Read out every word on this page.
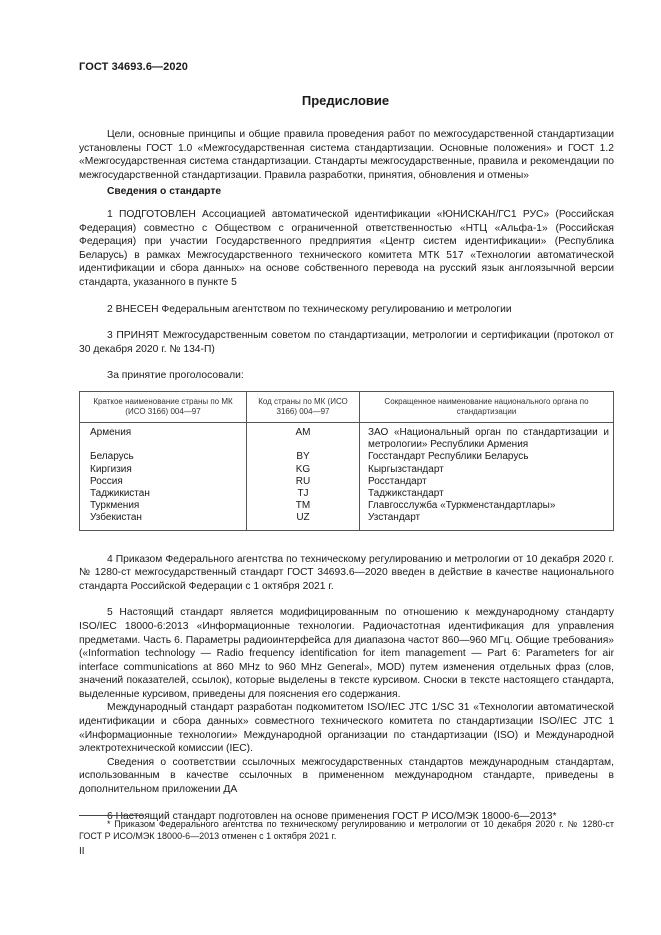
ГОСТ 34693.6—2020
Предисловие

Цели, основные принципы и общие правила проведения работ по межгосударственной стандартизации установлены ГОСТ 1.0 «Межгосударственная система стандартизации. Основные положения» и ГОСТ 1.2 «Межгосударственная система стандартизации. Стандарты межгосударственные, правила и рекомендации по межгосударственной стандартизации. Правила разработки, принятия, обновления и отмены»

Сведения о стандарте

1 ПОДГОТОВЛЕН Ассоциацией автоматической идентификации «ЮНИСКАН/ГС1 РУС» (Российская Федерация) совместно с Обществом с ограниченной ответственностью «НТЦ «Альфа-1» (Российская Федерация) при участии Государственного предприятия «Центр систем идентификации» (Республика Беларусь) в рамках Межгосударственного технического комитета МТК 517 «Технологии автоматической идентификации и сбора данных» на основе собственного перевода на русский язык англоязычной версии стандарта, указанного в пункте 5

2 ВНЕСЕН Федеральным агентством по техническому регулированию и метрологии

3 ПРИНЯТ Межгосударственным советом по стандартизации, метрологии и сертификации (протокол от 30 декабря 2020 г. № 134-П)

За принятие проголосовали:

Краткое наименование страны по МК (ИСО 3166) 004—97	Код страны по МК (ИСО 3166) 004—97	Сокращенное наименование национального органа по стандартизации
Армения	AM	ЗАО «Национальный орган по стандартизации и метрологии» Республики Армения
Беларусь	BY	Госстандарт Республики Беларусь
Киргизия	KG	Кыргызстандарт
Россия	RU	Росстандарт
Таджикистан	TJ	Таджикстандарт
Туркмения	TM	Главгосслужба «Туркменстандартлары»
Узбекистан	UZ	Узстандарт

4 Приказом Федерального агентства по техническому регулированию и метрологии от 10 декабря 2020 г. № 1280-ст межгосударственный стандарт ГОСТ 34693.6—2020 введен в действие в качестве национального стандарта Российской Федерации с 1 октября 2021 г.

5 Настоящий стандарт является модифицированным по отношению к международному стандарту ISO/IEC 18000-6:2013 «Информационные технологии. Радиочастотная идентификация для управления предметами. Часть 6. Параметры радиоинтерфейса для диапазона частот 860—960 МГц. Общие требования» («Information technology — Radio frequency identification for item management — Part 6: Parameters for air interface communications at 860 MHz to 960 MHz General», MOD) путем изменения отдельных фраз (слов, значений показателей, ссылок), которые выделены в тексте курсивом. Сноски в тексте настоящего стандарта, выделенные курсивом, приведены для пояснения его содержания.

Международный стандарт разработан подкомитетом ISO/IEC JTC 1/SC 31 «Технологии автоматической идентификации и сбора данных» совместного технического комитета по стандартизации ISO/IEC JTC 1 «Информационные технологии» Международной организации по стандартизации (ISO) и Международной электротехнической комиссии (IEC).

Сведения о соответствии ссылочных межгосударственных стандартов международным стандартам, использованным в качестве ссылочных в примененном международном стандарте, приведены в дополнительном приложении ДА

6 Настоящий стандарт подготовлен на основе применения ГОСТ Р ИСО/МЭК 18000-6—2013*

* Приказом Федерального агентства по техническому регулированию и метрологии от 10 декабря 2020 г. № 1280-ст ГОСТ Р ИСО/МЭК 18000-6—2013 отменен с 1 октября 2021 г.
II
